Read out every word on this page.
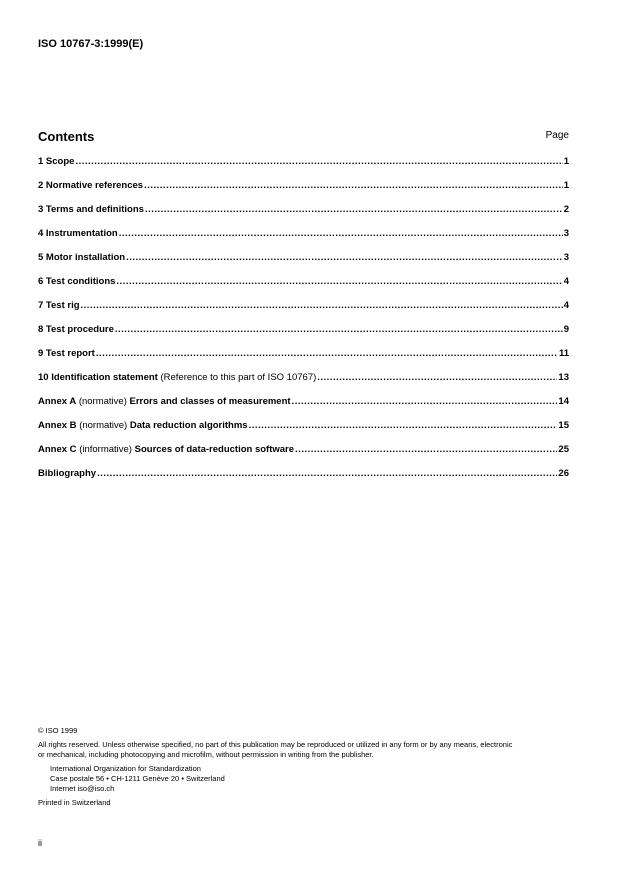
ISO 10767-3:1999(E)
Contents	Page
1 Scope .....	1
2 Normative references .....	1
3 Terms and definitions .....	2
4 Instrumentation .....	3
5 Motor installation .....	3
6 Test conditions .....	4
7 Test rig .....	4
8 Test procedure .....	9
9 Test report .....	11
10 Identification statement (Reference to this part of ISO 10767) .....	13
Annex A (normative) Errors and classes of measurement .....	14
Annex B (normative) Data reduction algorithms .....	15
Annex C (informative) Sources of data-reduction software .....	25
Bibliography .....	26
© ISO 1999
All rights reserved. Unless otherwise specified, no part of this publication may be reproduced or utilized in any form or by any means, electronic
or mechanical, including photocopying and microfilm, without permission in writing from the publisher.
International Organization for Standardization
Case postale 56 • CH-1211 Genève 20 • Switzerland
Internet iso@iso.ch
Printed in Switzerland
ii
